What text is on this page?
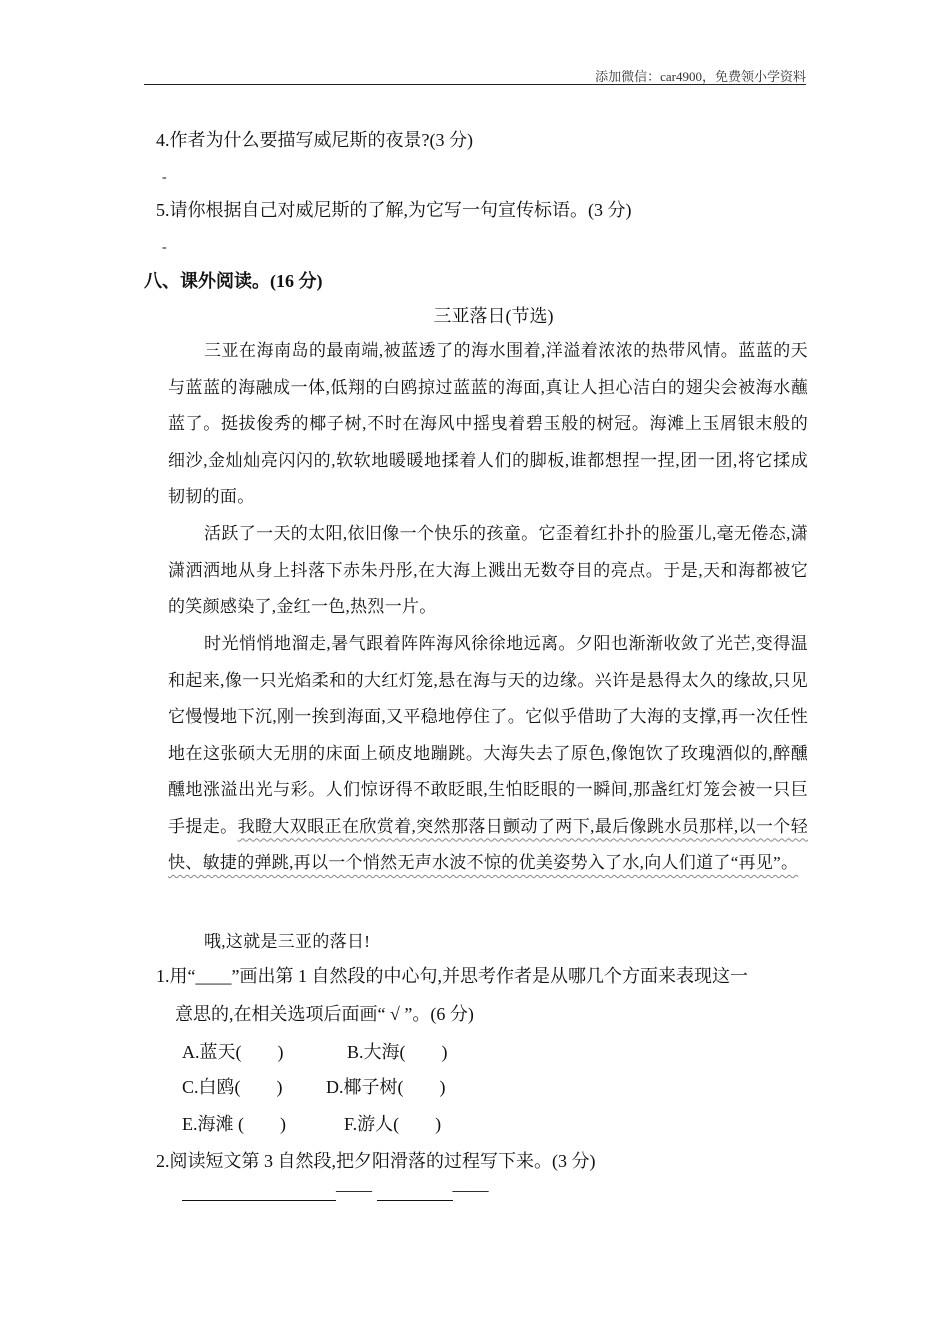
添加微信：car4900，免费领小学资料
4.作者为什么要描写威尼斯的夜景?(3 分)
-
5.请你根据自己对威尼斯的了解,为它写一句宣传标语。(3 分)
-
八、课外阅读。(16 分)
三亚落日(节选)
三亚在海南岛的最南端,被蓝透了的海水围着,洋溢着浓浓的热带风情。蓝蓝的天与蓝蓝的海融成一体,低翔的白鸥掠过蓝蓝的海面,真让人担心洁白的翅尖会被海水蘸蓝了。挺拔俊秀的椰子树,不时在海风中摇曳着碧玉般的树冠。海滩上玉屑银末般的细沙,金灿灿亮闪闪的,软软地暖暖地揉着人们的脚板,谁都想捏一捏,团一团,将它揉成韧韧的面。
活跃了一天的太阳,依旧像一个快乐的孩童。它歪着红扑扑的脸蛋儿,毫无倦态,潇潇洒洒地从身上抖落下赤朱丹彤,在大海上溅出无数夺目的亮点。于是,天和海都被它的笑颜感染了,金红一色,热烈一片。
时光悄悄地溜走,暑气跟着阵阵海风徐徐地远离。夕阳也渐渐收敛了光芒,变得温和起来,像一只光焰柔和的大红灯笼,悬在海与天的边缘。兴许是悬得太久的缘故,只见它慢慢地下沉,刚一挨到海面,又平稳地停住了。它似乎借助了大海的支撑,再一次任性地在这张硕大无朋的床面上硕皮地蹦跳。大海失去了原色,像饱饮了玫瑰酒似的,醉醺醺地涨溢出光与彩。人们惊讶得不敢眨眼,生怕眨眼的一瞬间,那盏红灯笼会被一只巨手提走。我瞪大双眼正在欣赏着,突然那落日颤动了两下,最后像跳水员那样,以一个轻快、敏捷的弹跳,再以一个悄然无声水波不惊的优美姿势入了水,向人们道了“再见”。
哦,这就是三亚的落日!
1.用“____”画出第 1 自然段的中心句,并思考作者是从哪几个方面来表现这一
意思的,在相关选项后面画“ √ ”。(6 分)
A.蓝天(　　)	B.大海(　　)
C.白鸥(　　) D.椰子树(　　)
E.海滩 (　　)	F.游人(　　)
2.阅读短文第 3 自然段,把夕阳滑落的过程写下来。(3 分)
——	——
